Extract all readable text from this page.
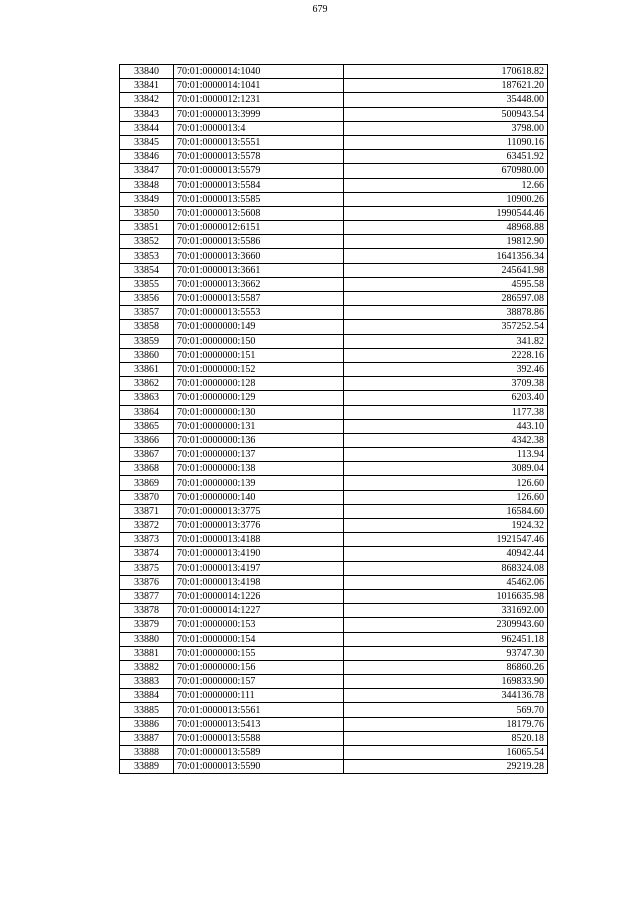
679
33840	70:01:0000014:1040	170618.82
33841	70:01:0000014:1041	187621.20
33842	70:01:0000012:1231	35448.00
33843	70:01:0000013:3999	500943.54
33844	70:01:0000013:4	3798.00
33845	70:01:0000013:5551	11090.16
33846	70:01:0000013:5578	63451.92
33847	70:01:0000013:5579	670980.00
33848	70:01:0000013:5584	12.66
33849	70:01:0000013:5585	10900.26
33850	70:01:0000013:5608	1990544.46
33851	70:01:0000012:6151	48968.88
33852	70:01:0000013:5586	19812.90
33853	70:01:0000013:3660	1641356.34
33854	70:01:0000013:3661	245641.98
33855	70:01:0000013:3662	4595.58
33856	70:01:0000013:5587	286597.08
33857	70:01:0000013:5553	38878.86
33858	70:01:0000000:149	357252.54
33859	70:01:0000000:150	341.82
33860	70:01:0000000:151	2228.16
33861	70:01:0000000:152	392.46
33862	70:01:0000000:128	3709.38
33863	70:01:0000000:129	6203.40
33864	70:01:0000000:130	1177.38
33865	70:01:0000000:131	443.10
33866	70:01:0000000:136	4342.38
33867	70:01:0000000:137	113.94
33868	70:01:0000000:138	3089.04
33869	70:01:0000000:139	126.60
33870	70:01:0000000:140	126.60
33871	70:01:0000013:3775	16584.60
33872	70:01:0000013:3776	1924.32
33873	70:01:0000013:4188	1921547.46
33874	70:01:0000013:4190	40942.44
33875	70:01:0000013:4197	868324.08
33876	70:01:0000013:4198	45462.06
33877	70:01:0000014:1226	1016635.98
33878	70:01:0000014:1227	331692.00
33879	70:01:0000000:153	2309943.60
33880	70:01:0000000:154	962451.18
33881	70:01:0000000:155	93747.30
33882	70:01:0000000:156	86860.26
33883	70:01:0000000:157	169833.90
33884	70:01:0000000:111	344136.78
33885	70:01:0000013:5561	569.70
33886	70:01:0000013:5413	18179.76
33887	70:01:0000013:5588	8520.18
33888	70:01:0000013:5589	16065.54
33889	70:01:0000013:5590	29219.28
